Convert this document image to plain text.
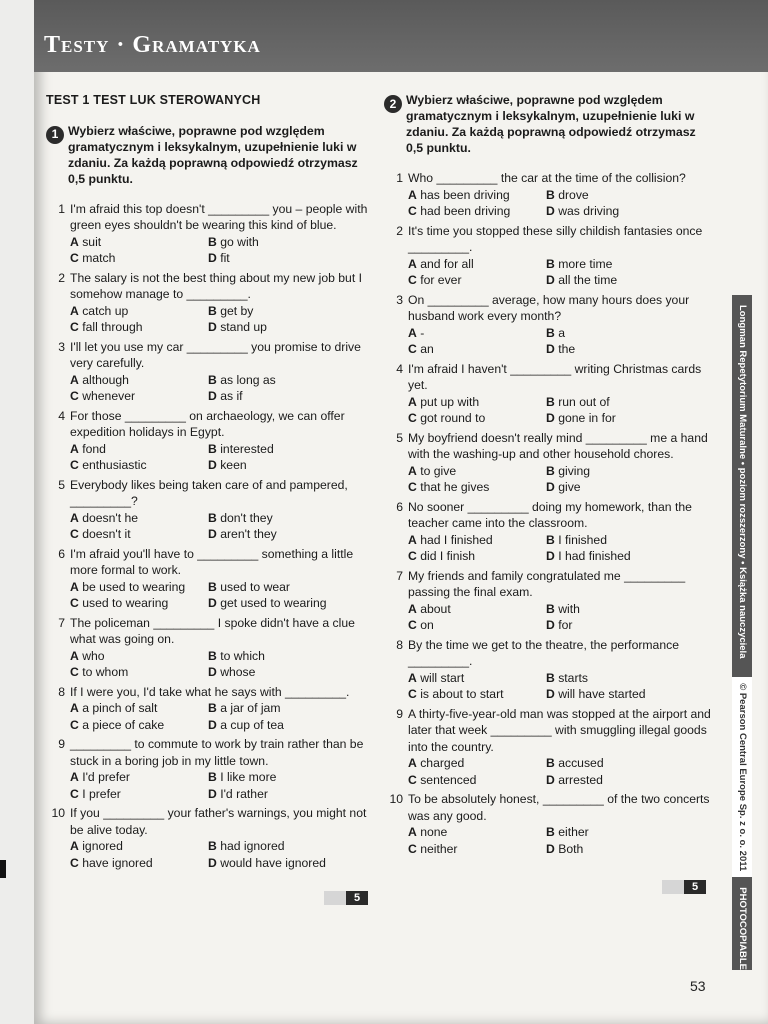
Testy · Gramatyka
TEST 1 TEST LUK STEROWANYCH
1 Wybierz właściwe, poprawne pod względem gramatycznym i leksykalnym, uzupełnienie luki w zdaniu. Za każdą poprawną odpowiedź otrzymasz 0,5 punktu.
1 I'm afraid this top doesn't _________ you – people with green eyes shouldn't be wearing this kind of blue.
A suit	B go with
C match	D fit
2 The salary is not the best thing about my new job but I somehow manage to _________.
A catch up	B get by
C fall through	D stand up
3 I'll let you use my car _________ you promise to drive very carefully.
A although	B as long as
C whenever	D as if
4 For those _________ on archaeology, we can offer expedition holidays in Egypt.
A fond	B interested
C enthusiastic	D keen
5 Everybody likes being taken care of and pampered, _________?
A doesn't he	B don't they
C doesn't it	D aren't they
6 I'm afraid you'll have to _________ something a little more formal to work.
A be used to wearing	B used to wear
C used to wearing	D get used to wearing
7 The policeman _________ I spoke didn't have a clue what was going on.
A who	B to which
C to whom	D whose
8 If I were you, I'd take what he says with _________.
A a pinch of salt	B a jar of jam
C a piece of cake	D a cup of tea
9 _________ to commute to work by train rather than be stuck in a boring job in my little town.
A I'd prefer	B I like more
C I prefer	D I'd rather
10 If you _________ your father's warnings, you might not be alive today.
A ignored	B had ignored
C have ignored	D would have ignored
2 Wybierz właściwe, poprawne pod względem gramatycznym i leksykalnym, uzupełnienie luki w zdaniu. Za każdą poprawną odpowiedź otrzymasz 0,5 punktu.
1 Who _________ the car at the time of the collision?
A has been driving	B drove
C had been driving	D was driving
2 It's time you stopped these silly childish fantasies once _________.
A and for all	B more time
C for ever	D all the time
3 On _________ average, how many hours does your husband work every month?
A -	B a
C an	D the
4 I'm afraid I haven't _________ writing Christmas cards yet.
A put up with	B run out of
C got round to	D gone in for
5 My boyfriend doesn't really mind _________ me a hand with the washing-up and other household chores.
A to give	B giving
C that he gives	D give
6 No sooner _________ doing my homework, than the teacher came into the classroom.
A had I finished	B I finished
C did I finish	D I had finished
7 My friends and family congratulated me _________ passing the final exam.
A about	B with
C on	D for
8 By the time we get to the theatre, the performance _________.
A will start	B starts
C is about to start	D will have started
9 A thirty-five-year-old man was stopped at the airport and later that week _________ with smuggling illegal goods into the country.
A charged	B accused
C sentenced	D arrested
10 To be absolutely honest, _________ of the two concerts was any good.
A none	B either
C neither	D Both
5
5
Longman Repetytorium Maturalne • poziom rozszerzony • Książka nauczyciela
© Pearson Central Europe Sp. z o. o. 2011
PHOTOCOPIABLE
53
